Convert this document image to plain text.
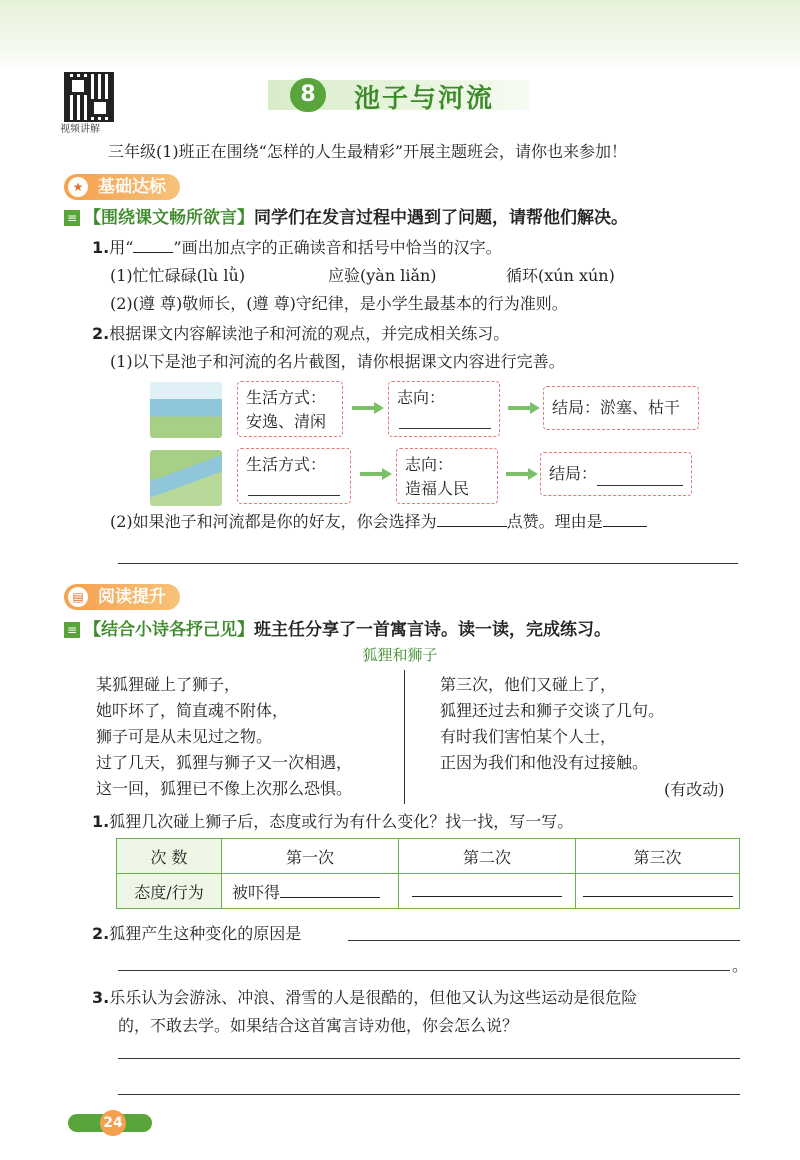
视频讲解
8	池子与河流
三年级(1)班正在围绕“怎样的人生最精彩”开展主题班会，请你也来参加！
★ 基础达标
≡ 【围绕课文畅所欲言】同学们在发言过程中遇到了问题，请帮他们解决。
1.用“	”画出加点字的正确读音和括号中恰当的汉字。
(1)忙忙碌碌(lù lǜ)	应验(yàn liǎn)	循环(xún xún)
(2)(遵 尊)敬师长，(遵 尊)守纪律，是小学生最基本的行为准则。
2.根据课文内容解读池子和河流的观点，并完成相关练习。
(1)以下是池子和河流的名片截图，请你根据课文内容进行完善。
生活方式：
安逸、清闲
志向：
结局：淤塞、枯干
生活方式：	志向：
造福人民
结局：
(2)如果池子和河流都是你的好友，你会选择为	点赞。理由是
▤ 阅读提升
≡ 【结合小诗各抒己见】班主任分享了一首寓言诗。读一读，完成练习。
狐狸和狮子
某狐狸碰上了狮子，
她吓坏了，简直魂不附体，
狮子可是从未见过之物。
过了几天，狐狸与狮子又一次相遇，
这一回，狐狸已不像上次那么恐惧。
第三次，他们又碰上了，
狐狸还过去和狮子交谈了几句。
有时我们害怕某个人士，
正因为我们和他没有过接触。
(有改动)
1.狐狸几次碰上狮子后，态度或行为有什么变化？找一找，写一写。
次 数	第一次	第二次	第三次
态度/行为	被吓得		
2.狐狸产生这种变化的原因是
。
3.乐乐认为会游泳、冲浪、滑雪的人是很酷的，但他又认为这些运动是很危险
的，不敢去学。如果结合这首寓言诗劝他，你会怎么说？
24
